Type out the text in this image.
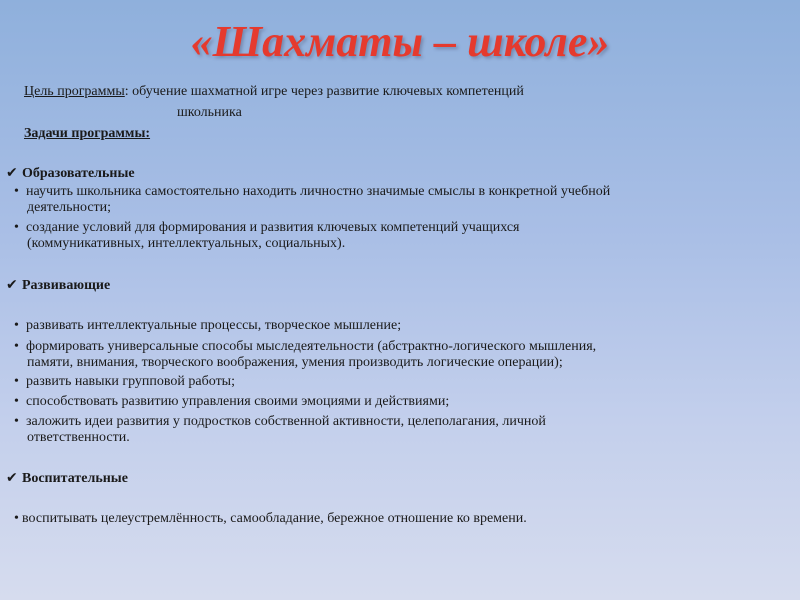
«Шахматы – школе»
Цель программы: обучение шахматной игре через развитие ключевых компетенций
школьника
Задачи программы:
✔ Образовательные
• научить школьника самостоятельно находить личностно значимые смыслы в конкретной учебной
деятельности;
• создание условий для формирования и развития ключевых компетенций учащихся
(коммуникативных, интеллектуальных, социальных).
✔ Развивающие
• развивать интеллектуальные процессы, творческое мышление;
• формировать универсальные способы мыследеятельности (абстрактно-логического мышления,
памяти, внимания, творческого воображения, умения производить логические операции);
• развить навыки групповой работы;
• способствовать развитию управления своими эмоциями и действиями;
• заложить идеи развития у подростков собственной активности, целеполагания, личной
ответственности.
✔ Воспитательные
• воспитывать целеустремлённость, самообладание, бережное отношение ко времени.
